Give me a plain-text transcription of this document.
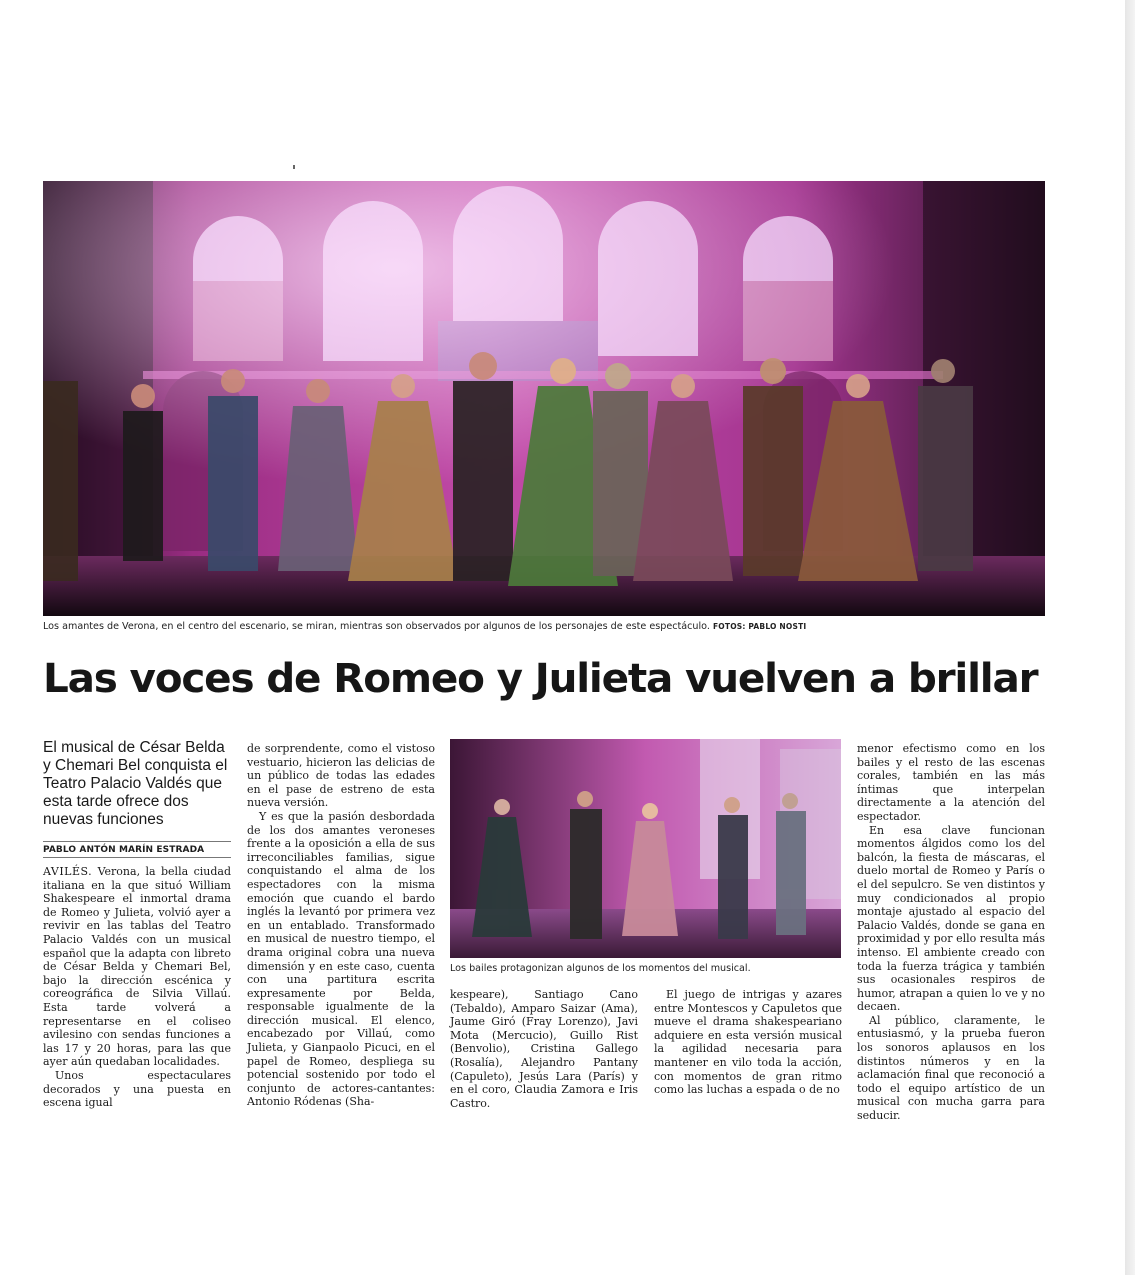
Los amantes de Verona, en el centro del escenario, se miran, mientras son observados por algunos de los personajes de este espectáculo. FOTOS: PABLO NOSTI
Las voces de Romeo y Julieta vuelven a brillar
El musical de César Belda y Chemari Bel conquista el Teatro Palacio Valdés que esta tarde ofrece dos nuevas funciones
PABLO ANTÓN MARÍN ESTRADA

AVILÉS. Verona, la bella ciudad italiana en la que situó William Shakespeare el inmortal drama de Romeo y Julieta, volvió ayer a revivir en las tablas del Teatro Palacio Valdés con un musical español que la adapta con libreto de César Belda y Chemari Bel, bajo la dirección escénica y coreográfica de Silvia Villaú. Esta tarde volverá a representarse en el coliseo avilesino con sendas funciones a las 17 y 20 horas, para las que ayer aún quedaban localidades.

Unos espectaculares decorados y una puesta en escena igual

de sorprendente, como el vistoso vestuario, hicieron las delicias de un público de todas las edades en el pase de estreno de esta nueva versión.

Y es que la pasión desbordada de los dos amantes veroneses frente a la oposición a ella de sus irreconciliables familias, sigue conquistando el alma de los espectadores con la misma emoción que cuando el bardo inglés la levantó por primera vez en un entablado. Transformado en musical de nuestro tiempo, el drama original cobra una nueva dimensión y en este caso, cuenta con una partitura escrita expresamente por Belda, responsable igualmente de la dirección musical. El elenco, encabezado por Villaú, como Julieta, y Gianpaolo Picuci, en el papel de Romeo, despliega su potencial sostenido por todo el conjunto de actores-cantantes: Antonio Ródenas (Sha-

Los bailes protagonizan algunos de los momentos del musical.

kespeare), Santiago Cano (Tebaldo), Amparo Saizar (Ama), Jaume Giró (Fray Lorenzo), Javi Mota (Mercucio), Guillo Rist (Benvolio), Cristina Gallego (Rosalía), Alejandro Pantany (Capuleto), Jesús Lara (París) y en el coro, Claudia Zamora e Iris Castro.

El juego de intrigas y azares entre Montescos y Capuletos que mueve el drama shakespeariano adquiere en esta versión musical la agilidad necesaria para mantener en vilo toda la acción, con momentos de gran ritmo como las luchas a espada o de no

menor efectismo como en los bailes y el resto de las escenas corales, también en las más íntimas que interpelan directamente a la atención del espectador.

En esa clave funcionan momentos álgidos como los del balcón, la fiesta de máscaras, el duelo mortal de Romeo y París o el del sepulcro. Se ven distintos y muy condicionados al propio montaje ajustado al espacio del Palacio Valdés, donde se gana en proximidad y por ello resulta más intenso. El ambiente creado con toda la fuerza trágica y también sus ocasionales respiros de humor, atrapan a quien lo ve y no decaen.

Al público, claramente, le entusiasmó, y la prueba fueron los sonoros aplausos en los distintos números y en la aclamación final que reconoció a todo el equipo artístico de un musical con mucha garra para seducir.
